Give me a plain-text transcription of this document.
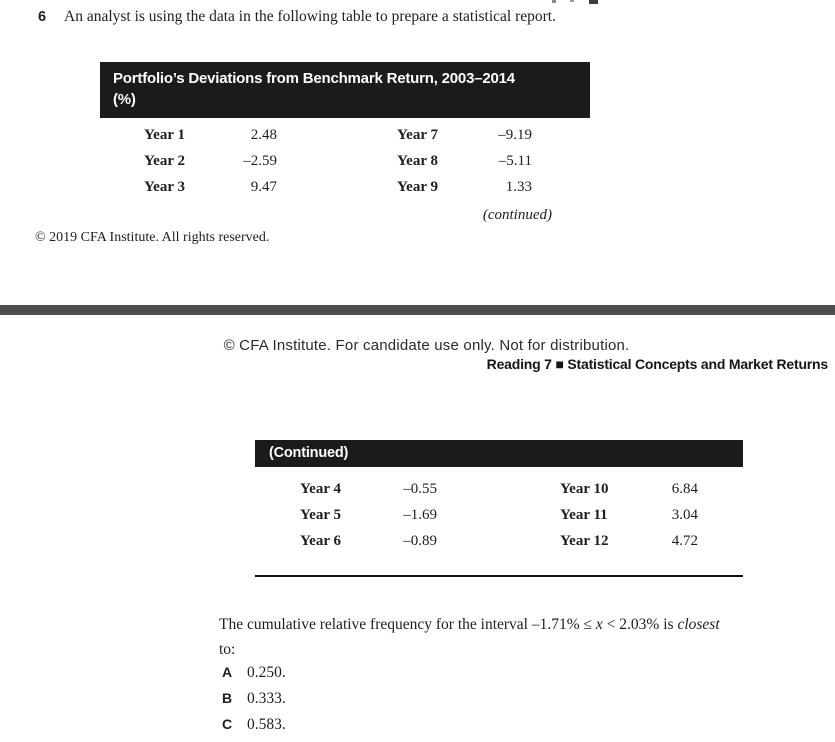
6	An analyst is using the data in the following table to prepare a statistical report.
Portfolio’s Deviations from Benchmark Return, 2003–2014
(%)
Year 1	2.48	Year 7	–9.19
Year 2	–2.59	Year 8	–5.11
Year 3	9.47	Year 9	1.33
(continued)
© 2019 CFA Institute. All rights reserved.
© CFA Institute. For candidate use only. Not for distribution.
Reading 7 ■ Statistical Concepts and Market Returns
(Continued)
Year 4	–0.55	Year 10	6.84
Year 5	–1.69	Year 11	3.04
Year 6	–0.89	Year 12	4.72
The cumulative relative frequency for the interval –1.71% ≤ x < 2.03% is closest
to:
A 0.250.
B 0.333.
C 0.583.
